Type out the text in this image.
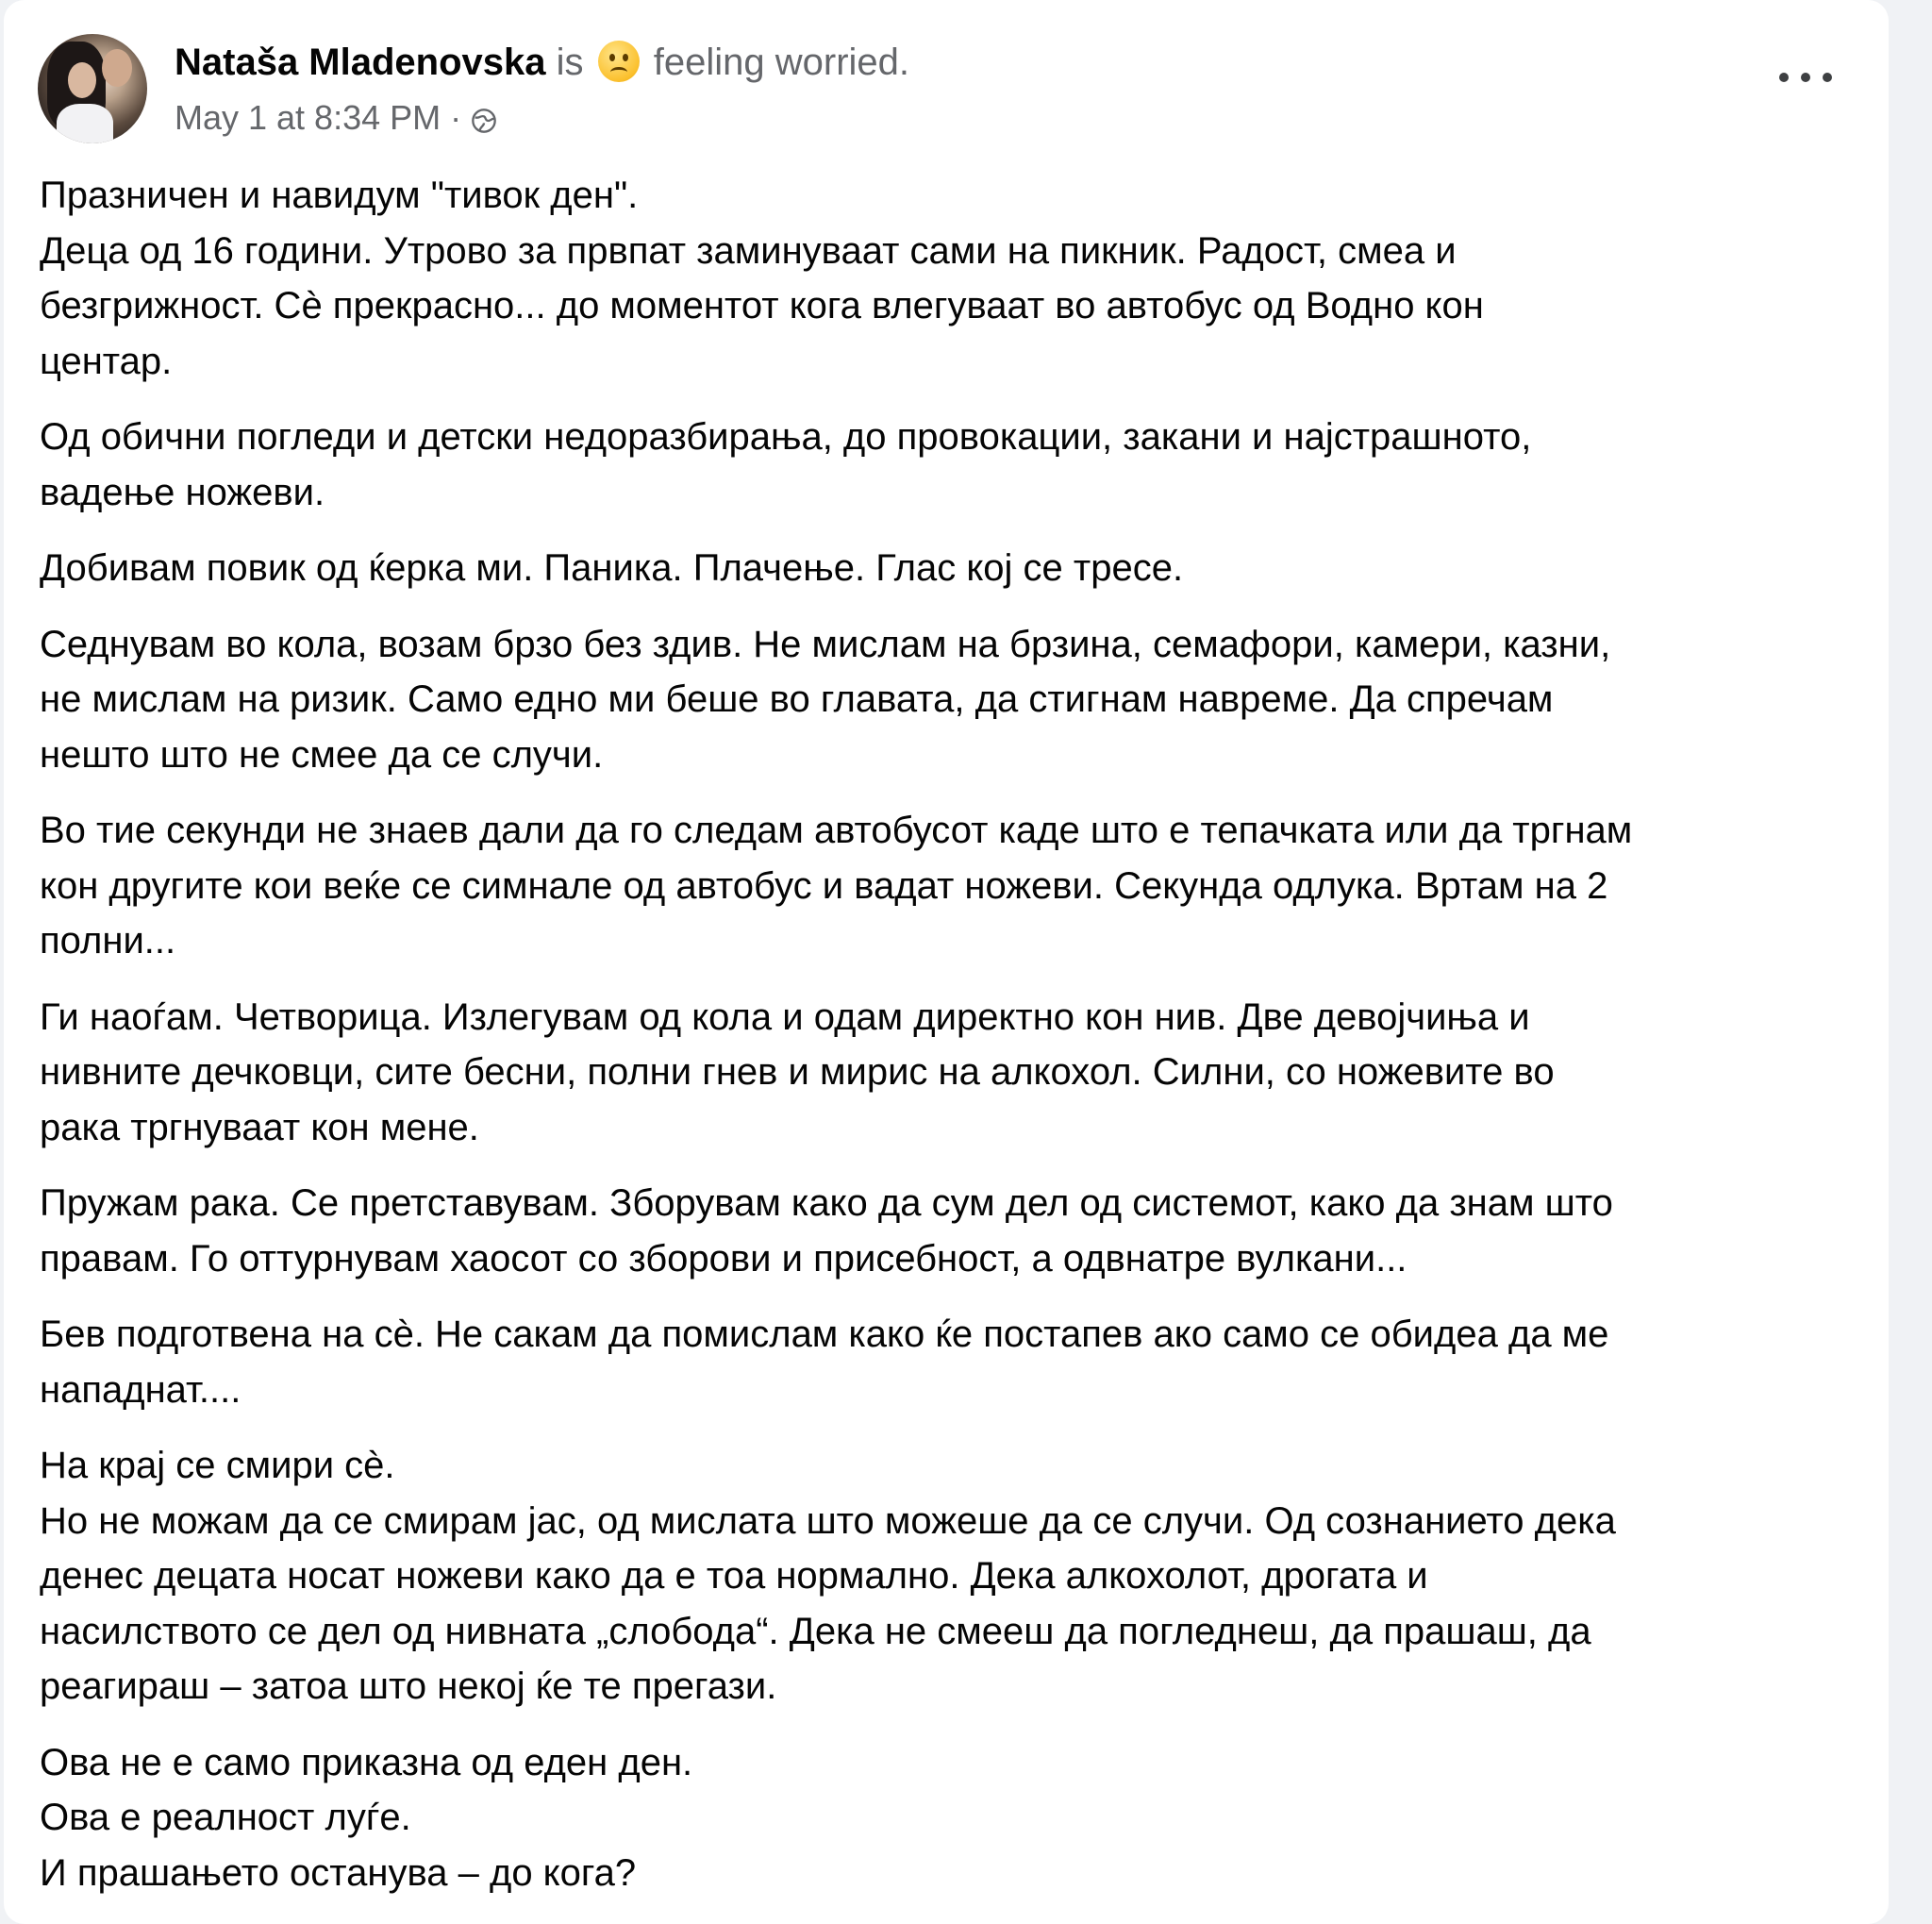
Nataša Mladenovska is feeling worried.
May 1 at 8:34 PM ·
Празничен и навидум "тивок ден".
Деца од 16 години. Утрово за првпат заминуваат сами на пикник. Радост, смеа и
безгрижност. Сè прекрасно... до моментот кога влегуваат во автобус од Водно кон
центар.
Од обични погледи и детски недоразбирања, до провокации, закани и најстрашното,
вадење ножеви.
Добивам повик од ќерка ми. Паника. Плачење. Глас кој се тресе.
Седнувам во кола, возам брзо без здив. Не мислам на брзина, семафори, камери, казни,
не мислам на ризик. Само едно ми беше во главата, да стигнам навреме. Да спречам
нешто што не смее да се случи.
Во тие секунди не знаев дали да го следам автобусот каде што е тепачката или да тргнам
кон другите кои веќе се симнале од автобус и вадат ножеви. Секунда одлука. Вртам на 2
полни...
Ги наоѓам. Четворица. Излегувам од кола и одам директно кон нив. Две девојчиња и
нивните дечковци, сите бесни, полни гнев и мирис на алкохол. Силни, со ножевите во
рака тргнуваат кон мене.
Пружам рака. Се претставувам. Зборувам како да сум дел од системот, како да знам што
правам. Го оттурнувам хаосот со зборови и присебност, а одвнатре вулкани...
Бев подготвена на сè. Не сакам да помислам како ќе постапев ако само се обидеа да ме
нападнат....
На крај се смири сè.
Но не можам да се смирам јас, од мислата што можеше да се случи. Од сознанието дека
денес децата носат ножеви како да е тоа нормално. Дека алкохолот, дрогата и
насилството се дел од нивната „слобода“. Дека не смееш да погледнеш, да прашаш, да
реагираш – затоа што некој ќе те прегази.
Ова не е само приказна од еден ден.
Ова е реалност луѓе.
И прашањето останува – до кога?
